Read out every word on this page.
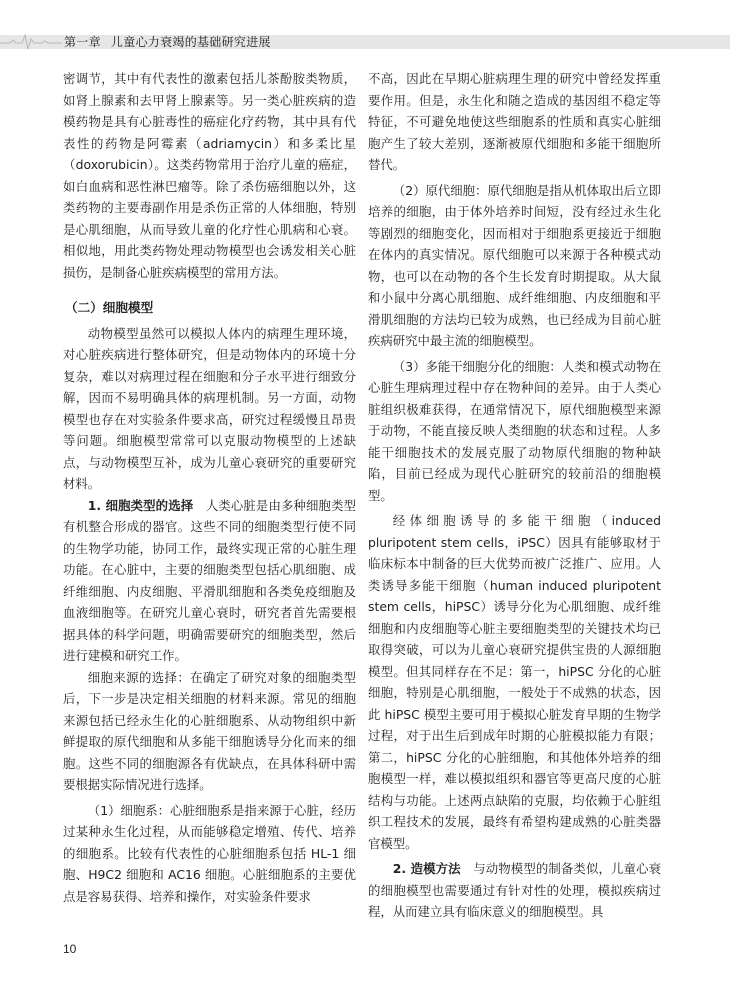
第一章 儿童心力衰竭的基础研究进展

密调节，其中有代表性的激素包括儿茶酚胺类物质，如肾上腺素和去甲肾上腺素等。另一类心脏疾病的造模药物是具有心脏毒性的癌症化疗药物，其中具有代表性的药物是阿霉素（adriamycin）和多柔比星（doxorubicin）。这类药物常用于治疗儿童的癌症，如白血病和恶性淋巴瘤等。除了杀伤癌细胞以外，这类药物的主要毒副作用是杀伤正常的人体细胞，特别是心肌细胞，从而导致儿童的化疗性心肌病和心衰。相似地，用此类药物处理动物模型也会诱发相关心脏损伤，是制备心脏疾病模型的常用方法。

（二）细胞模型

动物模型虽然可以模拟人体内的病理生理环境，对心脏疾病进行整体研究，但是动物体内的环境十分复杂，难以对病理过程在细胞和分子水平进行细致分解，因而不易明确具体的病理机制。另一方面，动物模型也存在对实验条件要求高，研究过程缓慢且昂贵等问题。细胞模型常常可以克服动物模型的上述缺点，与动物模型互补，成为儿童心衰研究的重要研究材料。

1. 细胞类型的选择　 人类心脏是由多种细胞类型有机整合形成的器官。这些不同的细胞类型行使不同的生物学功能，协同工作，最终实现正常的心脏生理功能。在心脏中，主要的细胞类型包括心肌细胞、成纤维细胞、内皮细胞、平滑肌细胞和各类免疫细胞及血液细胞等。在研究儿童心衰时，研究者首先需要根据具体的科学问题，明确需要研究的细胞类型，然后进行建模和研究工作。

细胞来源的选择：在确定了研究对象的细胞类型后，下一步是决定相关细胞的材料来源。常见的细胞来源包括已经永生化的心脏细胞系、从动物组织中新鲜提取的原代细胞和从多能干细胞诱导分化而来的细胞。这些不同的细胞源各有优缺点，在具体科研中需要根据实际情况进行选择。

（1）细胞系：心脏细胞系是指来源于心脏，经历过某种永生化过程，从而能够稳定增殖、传代、培养的细胞系。比较有代表性的心脏细胞系包括 HL-1 细胞、H9C2 细胞和 AC16 细胞。心脏细胞系的主要优点是容易获得、培养和操作，对实验条件要求

不高，因此在早期心脏病理生理的研究中曾经发挥重要作用。但是，永生化和随之造成的基因组不稳定等特征，不可避免地使这些细胞系的性质和真实心脏细胞产生了较大差别，逐渐被原代细胞和多能干细胞所替代。

（2）原代细胞：原代细胞是指从机体取出后立即培养的细胞，由于体外培养时间短，没有经过永生化等剧烈的细胞变化，因而相对于细胞系更接近于细胞在体内的真实情况。原代细胞可以来源于各种模式动物，也可以在动物的各个生长发育时期提取。从大鼠和小鼠中分离心肌细胞、成纤维细胞、内皮细胞和平滑肌细胞的方法均已较为成熟，也已经成为目前心脏疾病研究中最主流的细胞模型。

（3）多能干细胞分化的细胞：人类和模式动物在心脏生理病理过程中存在物种间的差异。由于人类心脏组织极难获得，在通常情况下，原代细胞模型来源于动物，不能直接反映人类细胞的状态和过程。人多能干细胞技术的发展克服了动物原代细胞的物种缺陷，目前已经成为现代心脏研究的较前沿的细胞模型。

经体细胞诱导的多能干细胞（induced pluripotent stem cells，iPSC）因具有能够取材于临床标本中制备的巨大优势而被广泛推广、应用。人类诱导多能干细胞（human induced pluripotent stem cells，hiPSC）诱导分化为心肌细胞、成纤维细胞和内皮细胞等心脏主要细胞类型的关键技术均已取得突破，可以为儿童心衰研究提供宝贵的人源细胞模型。但其同样存在不足：第一，hiPSC 分化的心脏细胞，特别是心肌细胞，一般处于不成熟的状态，因此 hiPSC 模型主要可用于模拟心脏发育早期的生物学过程，对于出生后到成年时期的心脏模拟能力有限；第二，hiPSC 分化的心脏细胞，和其他体外培养的细胞模型一样，难以模拟组织和器官等更高尺度的心脏结构与功能。上述两点缺陷的克服，均依赖于心脏组织工程技术的发展，最终有希望构建成熟的心脏类器官模型。

2. 造模方法　 与动物模型的制备类似，儿童心衰的细胞模型也需要通过有针对性的处理，模拟疾病过程，从而建立具有临床意义的细胞模型。具

10
